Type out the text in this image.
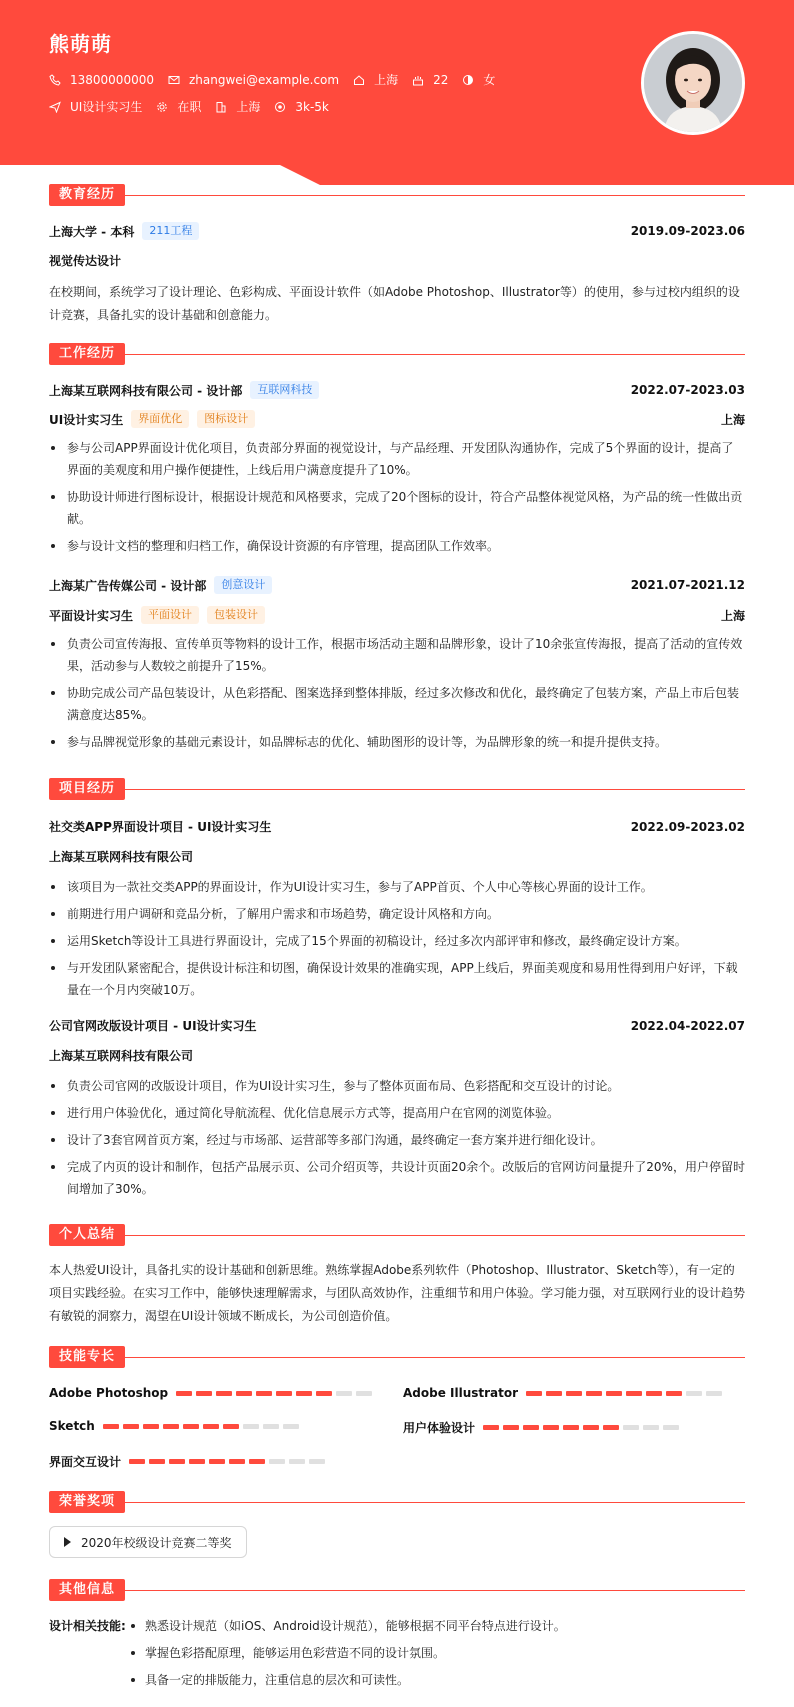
熊萌萌
13800000000	zhangwei@example.com	上海	22	女
UI设计实习生	在职	上海	3k-5k
教育经历
上海大学 - 本科	211工程	2019.09-2023.06
视觉传达设计
在校期间，系统学习了设计理论、色彩构成、平面设计软件（如Adobe Photoshop、Illustrator等）的使用，参与过校内组织的设计竞赛，具备扎实的设计基础和创意能力。
工作经历
上海某互联网科技有限公司 - 设计部	互联网科技	2022.07-2023.03
UI设计实习生	界面优化	图标设计	上海
参与公司APP界面设计优化项目，负责部分界面的视觉设计，与产品经理、开发团队沟通协作，完成了5个界面的设计，提高了界面的美观度和用户操作便捷性，上线后用户满意度提升了10%。
协助设计师进行图标设计，根据设计规范和风格要求，完成了20个图标的设计，符合产品整体视觉风格，为产品的统一性做出贡献。
参与设计文档的整理和归档工作，确保设计资源的有序管理，提高团队工作效率。
上海某广告传媒公司 - 设计部	创意设计	2021.07-2021.12
平面设计实习生	平面设计	包装设计	上海
负责公司宣传海报、宣传单页等物料的设计工作，根据市场活动主题和品牌形象，设计了10余张宣传海报，提高了活动的宣传效果，活动参与人数较之前提升了15%。
协助完成公司产品包装设计，从色彩搭配、图案选择到整体排版，经过多次修改和优化，最终确定了包装方案，产品上市后包装满意度达85%。
参与品牌视觉形象的基础元素设计，如品牌标志的优化、辅助图形的设计等，为品牌形象的统一和提升提供支持。
项目经历
社交类APP界面设计项目 - UI设计实习生	2022.09-2023.02
上海某互联网科技有限公司
该项目为一款社交类APP的界面设计，作为UI设计实习生，参与了APP首页、个人中心等核心界面的设计工作。
前期进行用户调研和竞品分析，了解用户需求和市场趋势，确定设计风格和方向。
运用Sketch等设计工具进行界面设计，完成了15个界面的初稿设计，经过多次内部评审和修改，最终确定设计方案。
与开发团队紧密配合，提供设计标注和切图，确保设计效果的准确实现，APP上线后，界面美观度和易用性得到用户好评，下载量在一个月内突破10万。
公司官网改版设计项目 - UI设计实习生	2022.04-2022.07
上海某互联网科技有限公司
负责公司官网的改版设计项目，作为UI设计实习生，参与了整体页面布局、色彩搭配和交互设计的讨论。
进行用户体验优化，通过简化导航流程、优化信息展示方式等，提高用户在官网的浏览体验。
设计了3套官网首页方案，经过与市场部、运营部等多部门沟通，最终确定一套方案并进行细化设计。
完成了内页的设计和制作，包括产品展示页、公司介绍页等，共设计页面20余个。改版后的官网访问量提升了20%，用户停留时间增加了30%。
个人总结
本人热爱UI设计，具备扎实的设计基础和创新思维。熟练掌握Adobe系列软件（Photoshop、Illustrator、Sketch等），有一定的项目实践经验。在实习工作中，能够快速理解需求，与团队高效协作，注重细节和用户体验。学习能力强，对互联网行业的设计趋势有敏锐的洞察力，渴望在UI设计领域不断成长，为公司创造价值。
技能专长
Adobe Photoshop	Adobe Illustrator
Sketch	用户体验设计
界面交互设计
荣誉奖项
2020年校级设计竞赛二等奖
其他信息
设计相关技能:	熟悉设计规范（如iOS、Android设计规范），能够根据不同平台特点进行设计。
掌握色彩搭配原理，能够运用色彩营造不同的设计氛围。
具备一定的排版能力，注重信息的层次和可读性。
